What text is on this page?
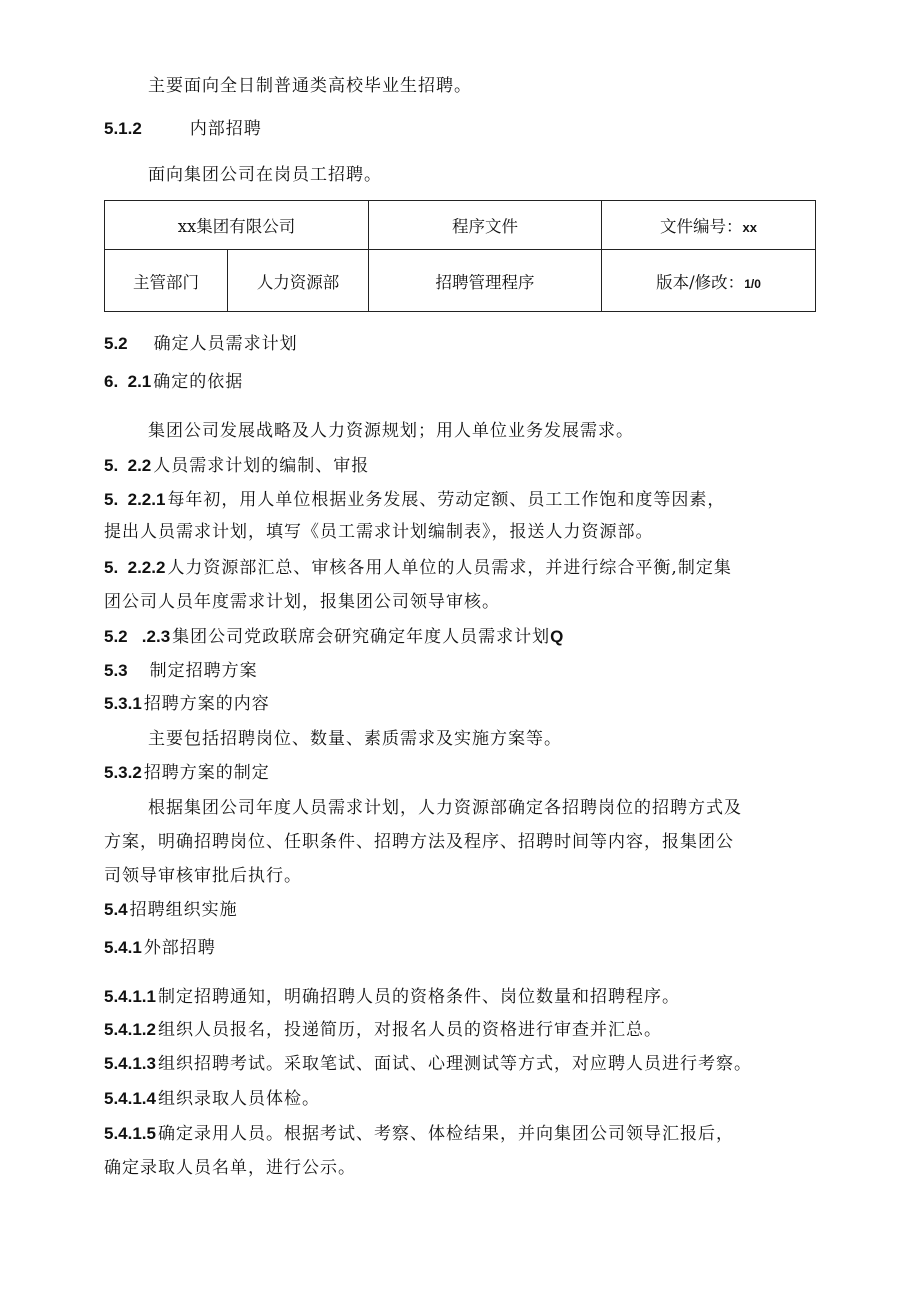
主要面向全日制普通类高校毕业生招聘。
5.1.2	内部招聘
面向集团公司在岗员工招聘。
xx集团有限公司		程序文件	文件编号：xx
主管部门	人力资源部	招聘管理程序	版本/修改：1/0
5.2 确定人员需求计划
6.  2.1 确定的依据
集团公司发展战略及人力资源规划；用人单位业务发展需求。
5.  2.2 人员需求计划的编制、审报
5.  2.2.1 每年初，用人单位根据业务发展、劳动定额、员工工作饱和度等因素，
提出人员需求计划，填写《员工需求计划编制表》，报送人力资源部。
5.  2.2.2 人力资源部汇总、审核各用人单位的人员需求，并进行综合平衡,制定集
团公司人员年度需求计划，报集团公司领导审核。
5.2   .2.3 集团公司党政联席会研究确定年度人员需求计划Q
5.3 制定招聘方案
5.3.1 招聘方案的内容
主要包括招聘岗位、数量、素质需求及实施方案等。
5.3.2 招聘方案的制定
根据集团公司年度人员需求计划，人力资源部确定各招聘岗位的招聘方式及
方案，明确招聘岗位、任职条件、招聘方法及程序、招聘时间等内容，报集团公
司领导审核审批后执行。
5.4 招聘组织实施
5.4.1 外部招聘
5.4.1.1 制定招聘通知，明确招聘人员的资格条件、岗位数量和招聘程序。
5.4.1.2 组织人员报名，投递简历，对报名人员的资格进行审查并汇总。
5.4.1.3 组织招聘考试。采取笔试、面试、心理测试等方式，对应聘人员进行考察。
5.4.1.4 组织录取人员体检。
5.4.1.5 确定录用人员。根据考试、考察、体检结果，并向集团公司领导汇报后，
确定录取人员名单，进行公示。
